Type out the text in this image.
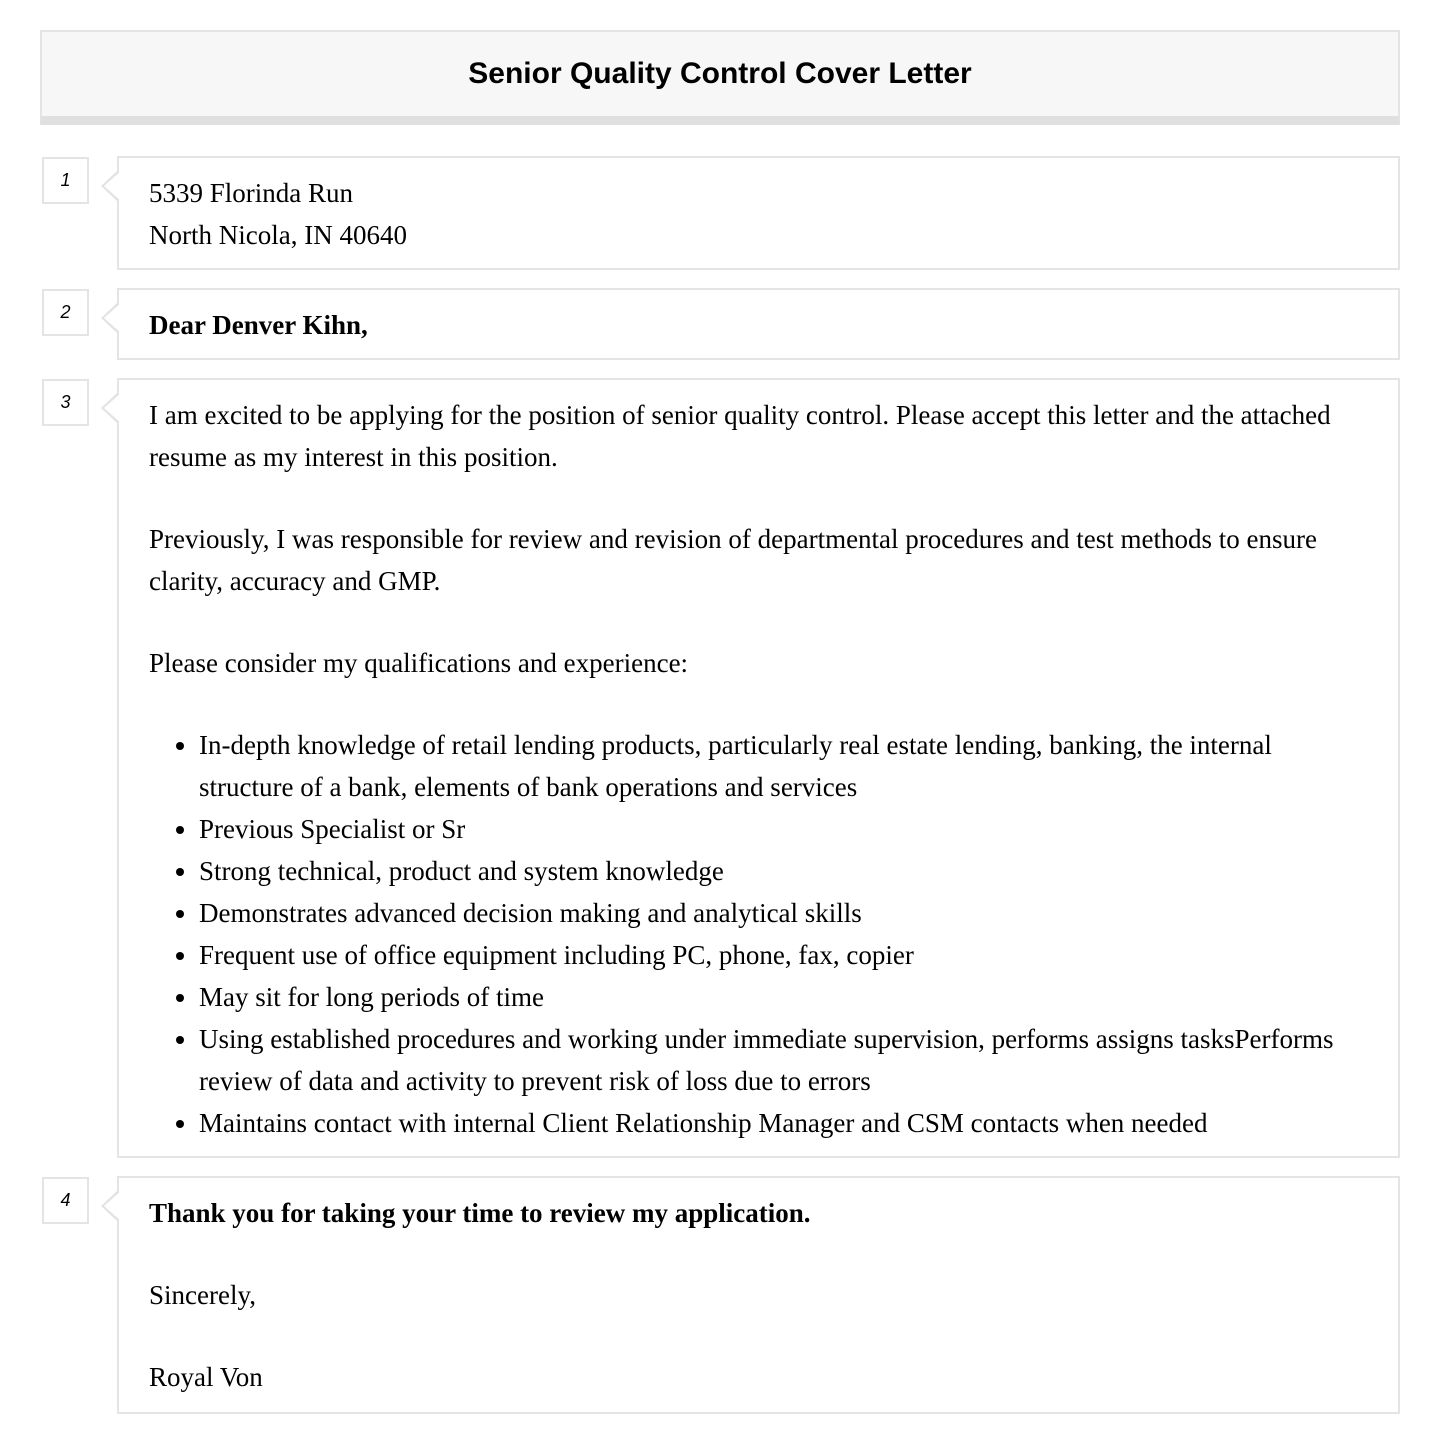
Senior Quality Control Cover Letter
1	5339 Florinda Run

North Nicola, IN 40640

2	Dear Denver Kihn,

3	I am excited to be applying for the position of senior quality control. Please accept this letter and the attached resume as my interest in this position.

Previously, I was responsible for review and revision of departmental procedures and test methods to ensure clarity, accuracy and GMP.

Please consider my qualifications and experience:

• In-depth knowledge of retail lending products, particularly real estate lending, banking, the internal structure of a bank, elements of bank operations and services
• Previous Specialist or Sr
• Strong technical, product and system knowledge
• Demonstrates advanced decision making and analytical skills
• Frequent use of office equipment including PC, phone, fax, copier
• May sit for long periods of time
• Using established procedures and working under immediate supervision, performs assigns tasksPerforms review of data and activity to prevent risk of loss due to errors
• Maintains contact with internal Client Relationship Manager and CSM contacts when needed
4	Thank you for taking your time to review my application.

Sincerely,

Royal Von
